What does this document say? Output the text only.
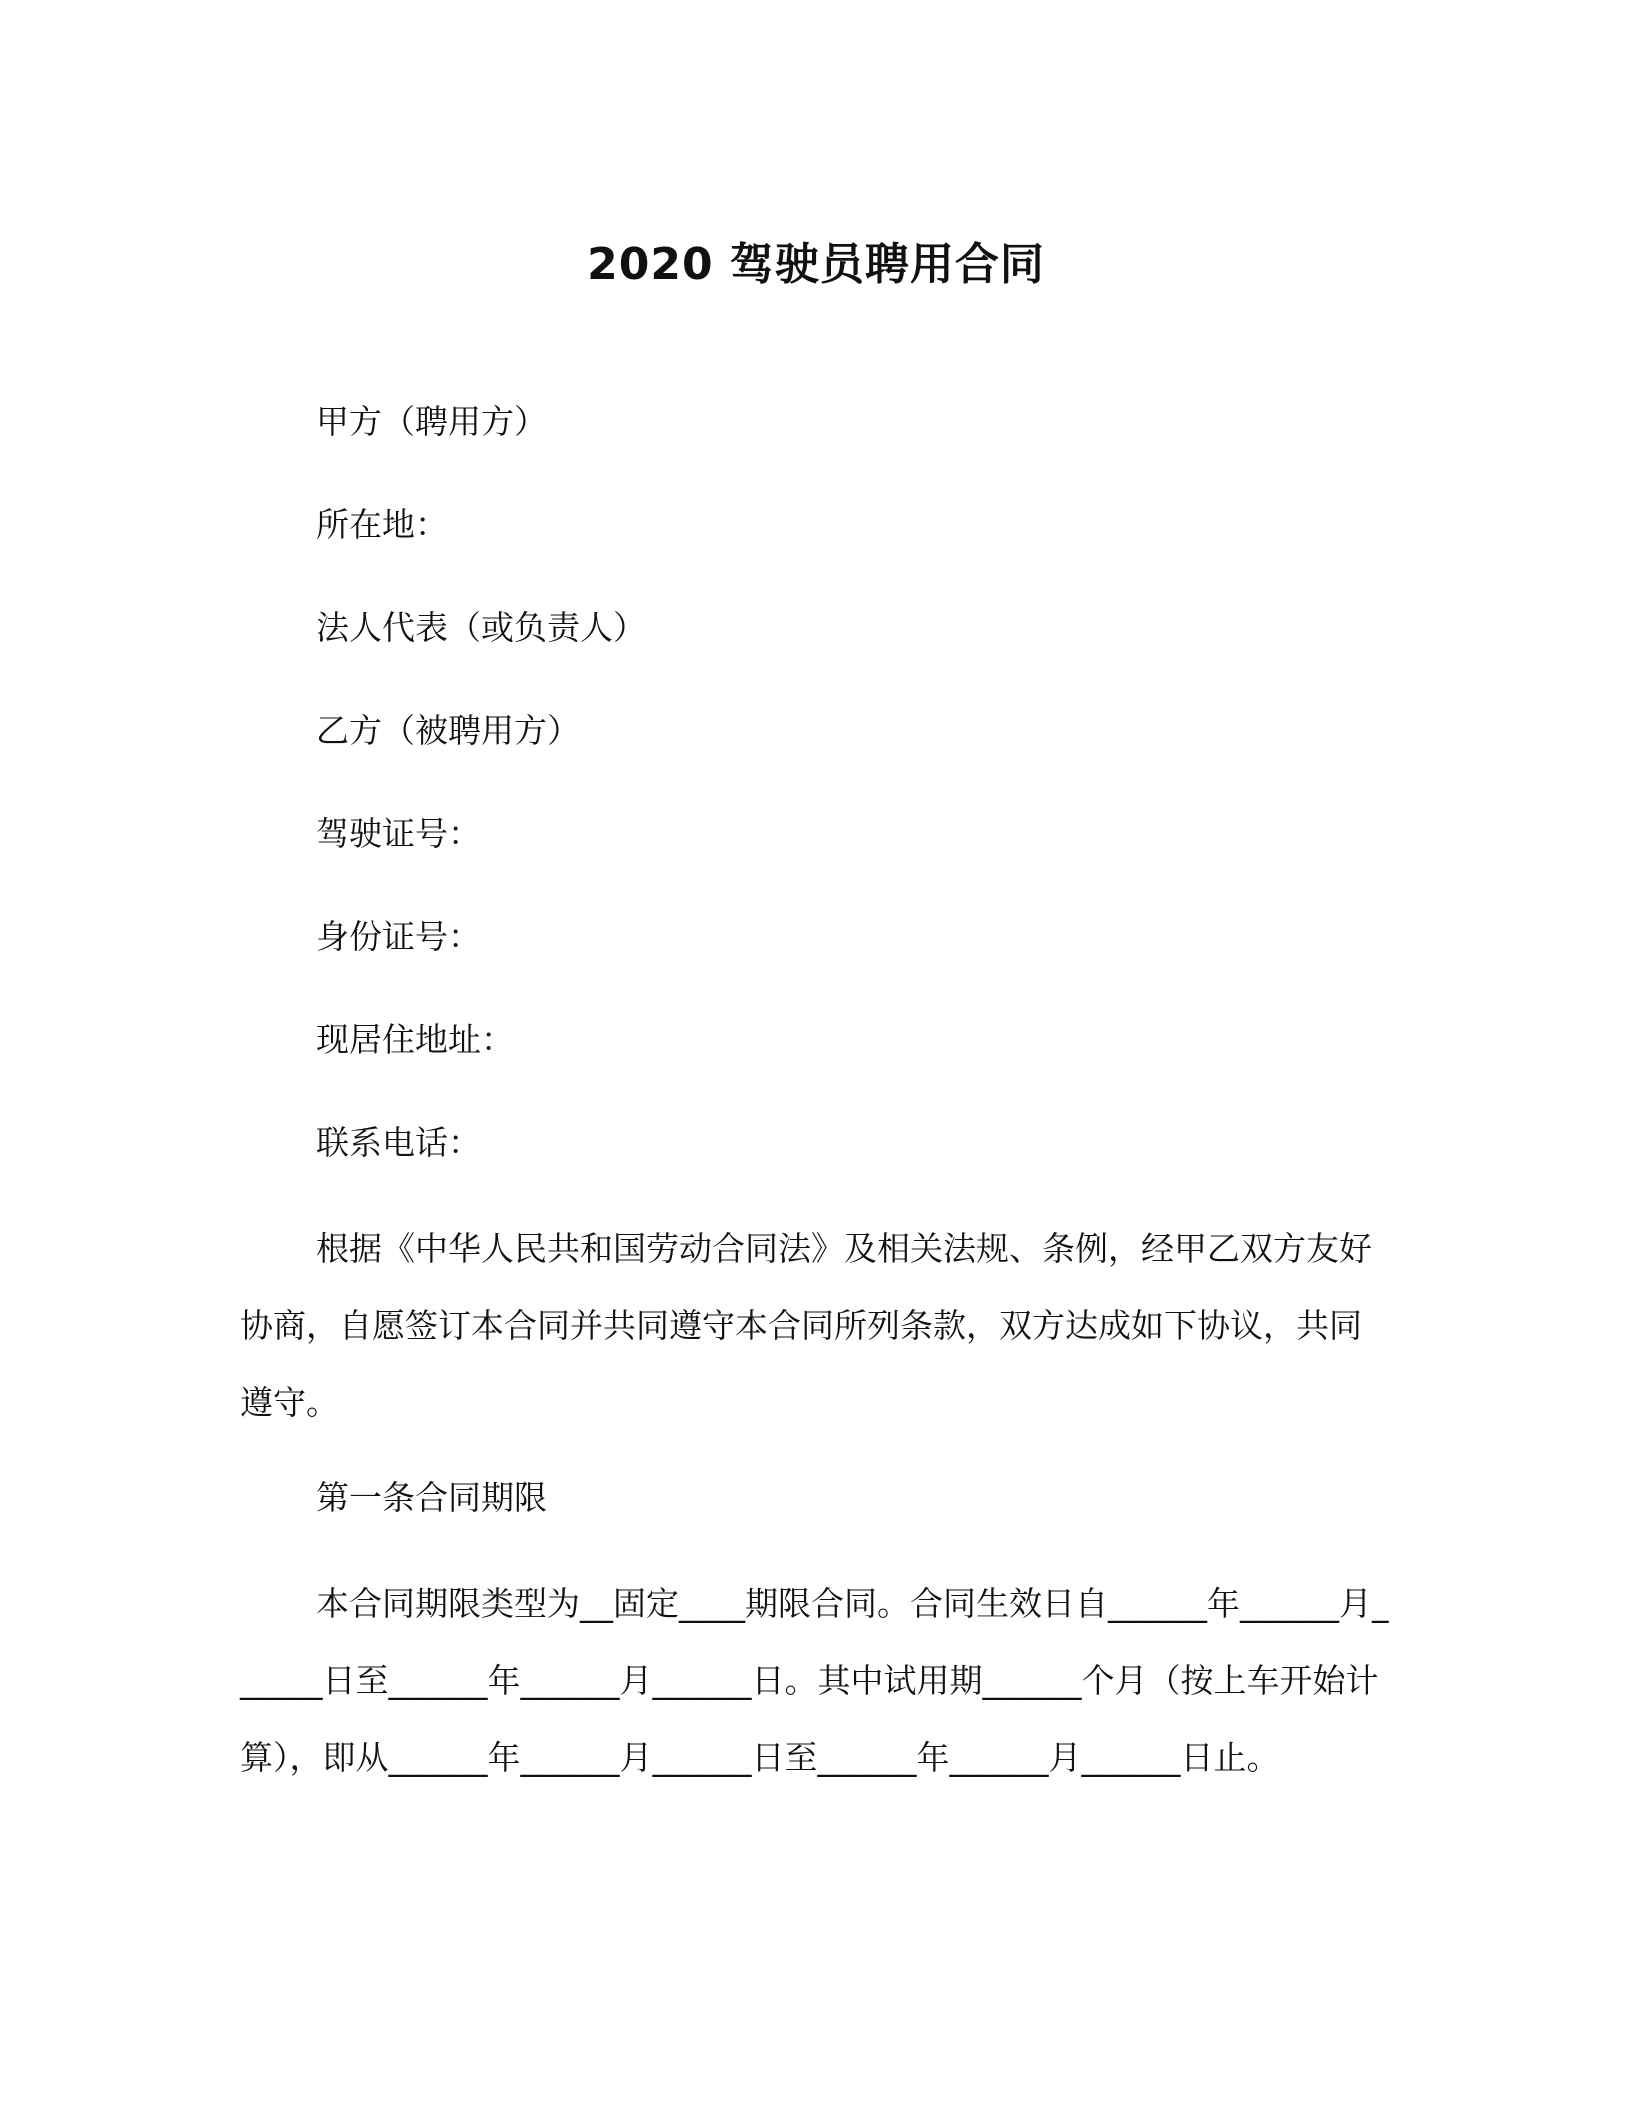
2020 驾驶员聘用合同
甲方（聘用方）
所在地：
法人代表（或负责人）
乙方（被聘用方）
驾驶证号：
身份证号：
现居住地址：
联系电话：
根据《中华人民共和国劳动合同法》及相关法规、条例，经甲乙双方友好协商，自愿签订本合同并共同遵守本合同所列条款，双方达成如下协议，共同遵守。
第一条合同期限
本合同期限类型为__固定____期限合同。合同生效日自______年______月______日至______年______月______日。其中试用期______个月（按上车开始计算），即从______年______月______日至______年______月______日止。
